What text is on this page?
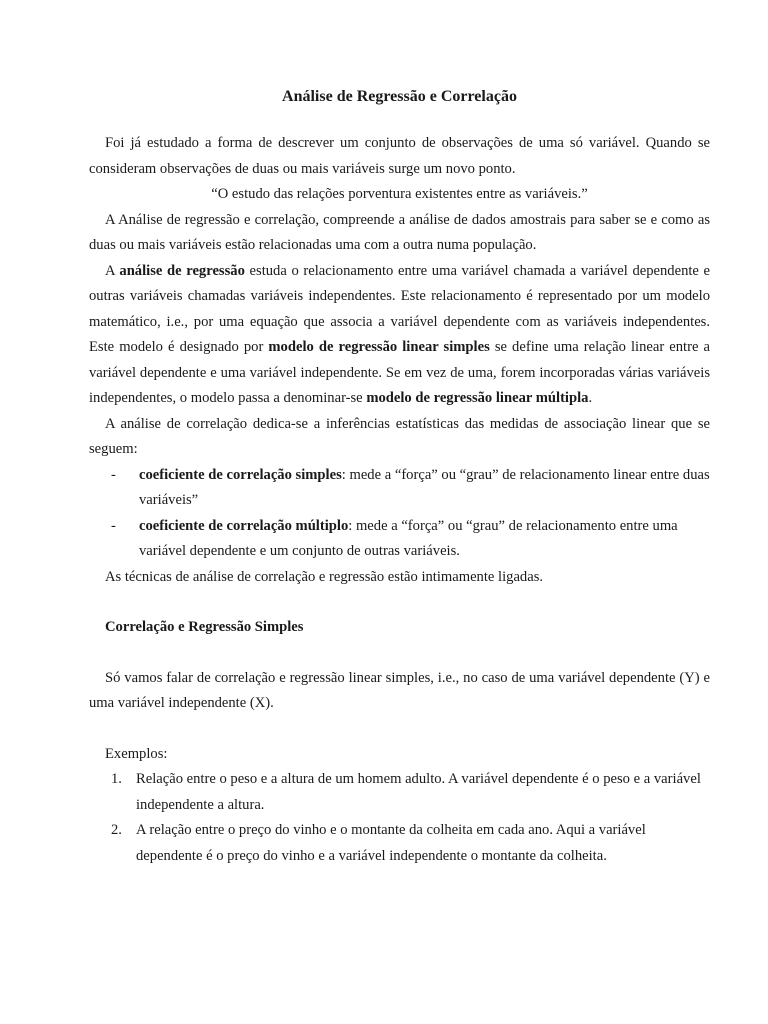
Análise de Regressão e Correlação

Foi já estudado a forma de descrever um conjunto de observações de uma só variável. Quando se consideram observações de duas ou mais variáveis surge um novo ponto.

“O estudo das relações porventura existentes entre as variáveis.”

A Análise de regressão e correlação, compreende a análise de dados amostrais para saber se e como as duas ou mais variáveis estão relacionadas uma com a outra numa população.

A análise de regressão estuda o relacionamento entre uma variável chamada a variável dependente e outras variáveis chamadas variáveis independentes. Este relacionamento é representado por um modelo matemático, i.e., por uma equação que associa a variável dependente com as variáveis independentes. Este modelo é designado por modelo de regressão linear simples se define uma relação linear entre a variável dependente e uma variável independente. Se em vez de uma, forem incorporadas várias variáveis independentes, o modelo passa a denominar-se modelo de regressão linear múltipla.

A análise de correlação dedica-se a inferências estatísticas das medidas de associação linear que se seguem:

-	coeficiente de correlação simples: mede a “força” ou “grau” de relacionamento linear entre duas variáveis”
-	coeficiente de correlação múltiplo: mede a “força” ou “grau” de relacionamento entre uma variável dependente e um conjunto de outras variáveis.

As técnicas de análise de correlação e regressão estão intimamente ligadas.

Correlação e Regressão Simples

Só vamos falar de correlação e regressão linear simples, i.e., no caso de uma variável dependente (Y) e uma variável independente (X).

Exemplos:

1. Relação entre o peso e a altura de um homem adulto. A variável dependente é o peso e a variável independente a altura.
2. A relação entre o preço do vinho e o montante da colheita em cada ano. Aqui a variável dependente é o preço do vinho e a variável independente o montante da colheita.
